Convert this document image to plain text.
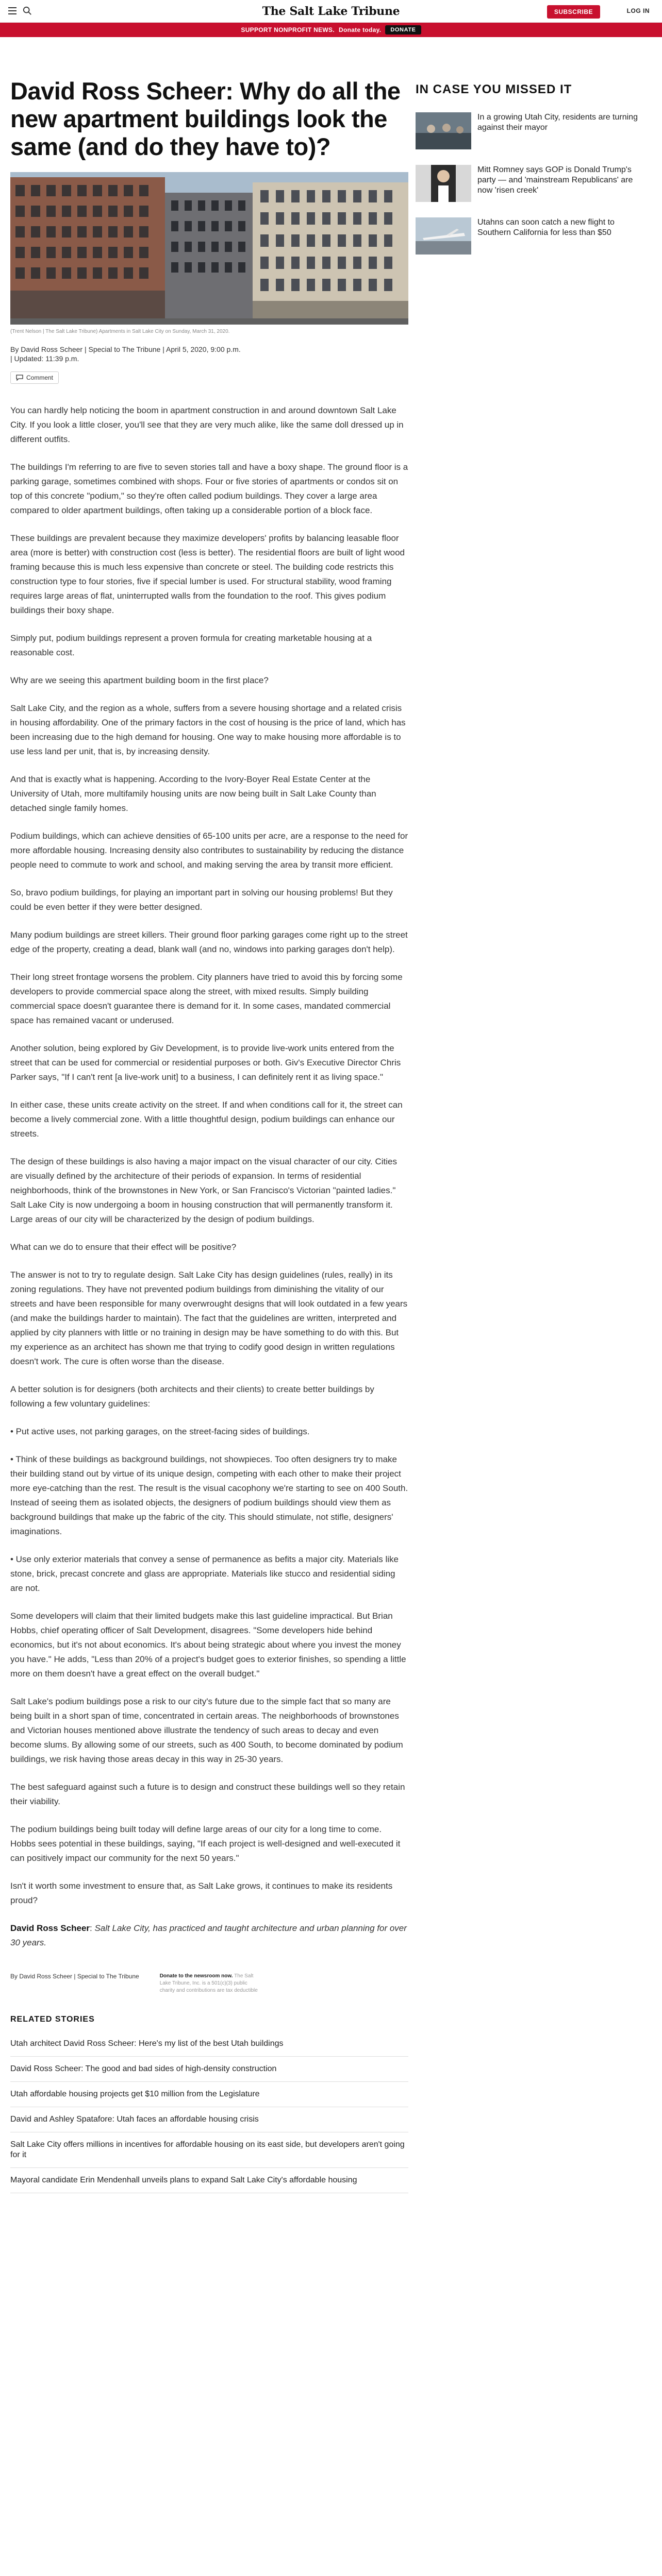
The Salt Lake Tribune	SUBSCRIBE	LOG IN
SUPPORT NONPROFIT NEWS. Donate today.	DONATE
David Ross Scheer: Why do all the new apartment buildings look the same (and do they have to)?
(Trent Nelson | The Salt Lake Tribune) Apartments in Salt Lake City on Sunday, March 31, 2020.
By David Ross Scheer | Special to The Tribune | April 5, 2020, 9:00 p.m.
| Updated: 11:39 p.m.
Comment

You can hardly help noticing the boom in apartment construction in and around downtown Salt Lake City. If you look a little closer, you'll see that they are very much alike, like the same doll dressed up in different outfits.

The buildings I'm referring to are five to seven stories tall and have a boxy shape. The ground floor is a parking garage, sometimes combined with shops. Four or five stories of apartments or condos sit on top of this concrete "podium," so they're often called podium buildings. They cover a large area compared to older apartment buildings, often taking up a considerable portion of a block face.

These buildings are prevalent because they maximize developers' profits by balancing leasable floor area (more is better) with construction cost (less is better). The residential floors are built of light wood framing because this is much less expensive than concrete or steel. The building code restricts this construction type to four stories, five if special lumber is used. For structural stability, wood framing requires large areas of flat, uninterrupted walls from the foundation to the roof. This gives podium buildings their boxy shape.

Simply put, podium buildings represent a proven formula for creating marketable housing at a reasonable cost.

Why are we seeing this apartment building boom in the first place?

Salt Lake City, and the region as a whole, suffers from a severe housing shortage and a related crisis in housing affordability. One of the primary factors in the cost of housing is the price of land, which has been increasing due to the high demand for housing. One way to make housing more affordable is to use less land per unit, that is, by increasing density.

And that is exactly what is happening. According to the Ivory-Boyer Real Estate Center at the University of Utah, more multifamily housing units are now being built in Salt Lake County than detached single family homes.

Podium buildings, which can achieve densities of 65-100 units per acre, are a response to the need for more affordable housing. Increasing density also contributes to sustainability by reducing the distance people need to commute to work and school, and making serving the area by transit more efficient.

So, bravo podium buildings, for playing an important part in solving our housing problems! But they could be even better if they were better designed.

Many podium buildings are street killers. Their ground floor parking garages come right up to the street edge of the property, creating a dead, blank wall (and no, windows into parking garages don't help).

Their long street frontage worsens the problem. City planners have tried to avoid this by forcing some developers to provide commercial space along the street, with mixed results. Simply building commercial space doesn't guarantee there is demand for it. In some cases, mandated commercial space has remained vacant or underused.

Another solution, being explored by Giv Development, is to provide live-work units entered from the street that can be used for commercial or residential purposes or both. Giv's Executive Director Chris Parker says, "If I can't rent [a live-work unit] to a business, I can definitely rent it as living space."

In either case, these units create activity on the street. If and when conditions call for it, the street can become a lively commercial zone. With a little thoughtful design, podium buildings can enhance our streets.

The design of these buildings is also having a major impact on the visual character of our city. Cities are visually defined by the architecture of their periods of expansion. In terms of residential neighborhoods, think of the brownstones in New York, or San Francisco's Victorian "painted ladies." Salt Lake City is now undergoing a boom in housing construction that will permanently transform it. Large areas of our city will be characterized by the design of podium buildings.

What can we do to ensure that their effect will be positive?

The answer is not to try to regulate design. Salt Lake City has design guidelines (rules, really) in its zoning regulations. They have not prevented podium buildings from diminishing the vitality of our streets and have been responsible for many overwrought designs that will look outdated in a few years (and make the buildings harder to maintain). The fact that the guidelines are written, interpreted and applied by city planners with little or no training in design may be have something to do with this. But my experience as an architect has shown me that trying to codify good design in written regulations doesn't work. The cure is often worse than the disease.

A better solution is for designers (both architects and their clients) to create better buildings by following a few voluntary guidelines:

• Put active uses, not parking garages, on the street-facing sides of buildings.

• Think of these buildings as background buildings, not showpieces. Too often designers try to make their building stand out by virtue of its unique design, competing with each other to make their project more eye-catching than the rest. The result is the visual cacophony we're starting to see on 400 South. Instead of seeing them as isolated objects, the designers of podium buildings should view them as background buildings that make up the fabric of the city. This should stimulate, not stifle, designers' imaginations.

• Use only exterior materials that convey a sense of permanence as befits a major city. Materials like stone, brick, precast concrete and glass are appropriate. Materials like stucco and residential siding are not.

Some developers will claim that their limited budgets make this last guideline impractical. But Brian Hobbs, chief operating officer of Salt Development, disagrees. "Some developers hide behind economics, but it's not about economics. It's about being strategic about where you invest the money you have." He adds, "Less than 20% of a project's budget goes to exterior finishes, so spending a little more on them doesn't have a great effect on the overall budget."

Salt Lake's podium buildings pose a risk to our city's future due to the simple fact that so many are being built in a short span of time, concentrated in certain areas. The neighborhoods of brownstones and Victorian houses mentioned above illustrate the tendency of such areas to decay and even become slums. By allowing some of our streets, such as 400 South, to become dominated by podium buildings, we risk having those areas decay in this way in 25-30 years.

The best safeguard against such a future is to design and construct these buildings well so they retain their viability.

The podium buildings being built today will define large areas of our city for a long time to come. Hobbs sees potential in these buildings, saying, "If each project is well-designed and well-executed it can positively impact our community for the next 50 years."

Isn't it worth some investment to ensure that, as Salt Lake grows, it continues to make its residents proud?

David Ross Scheer: Salt Lake City, has practiced and taught architecture and urban planning for over 30 years.
By David Ross Scheer | Special to The Tribune	Donate to the newsroom now. The Salt Lake Tribune, Inc. is a 501(c)(3) public charity and contributions are tax deductible
RELATED STORIES
Utah architect David Ross Scheer: Here's my list of the best Utah buildings
David Ross Scheer: The good and bad sides of high-density construction
Utah affordable housing projects get $10 million from the Legislature
David and Ashley Spatafore: Utah faces an affordable housing crisis
Salt Lake City offers millions in incentives for affordable housing on its east side, but developers aren't going for it
Mayoral candidate Erin Mendenhall unveils plans to expand Salt Lake City's affordable housing
IN CASE YOU MISSED IT
In a growing Utah City, residents are turning against their mayor
Mitt Romney says GOP is Donald Trump's party — and 'mainstream Republicans' are now 'risen creek'
Utahns can soon catch a new flight to Southern California for less than $50
